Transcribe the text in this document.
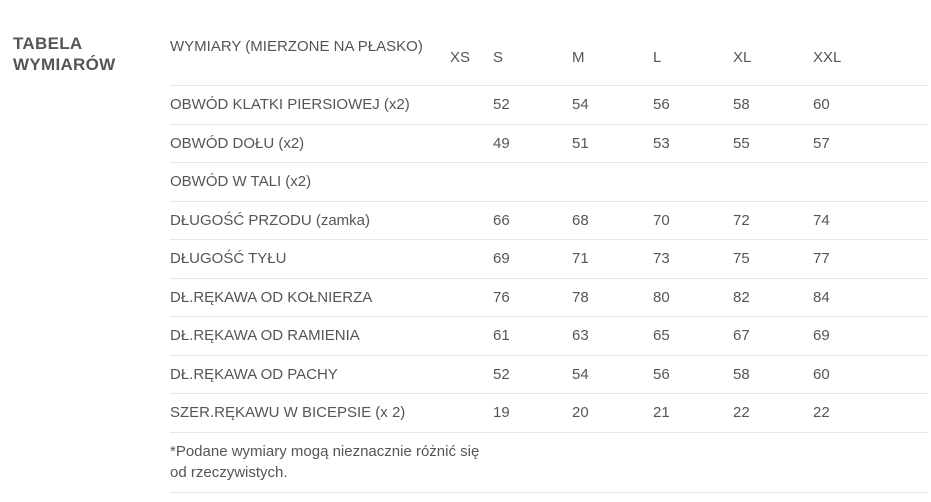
TABELA
WYMIARÓW
WYMIARY (MIERZONE NA PŁASKO)	XS	S	M	L	XL	XXL
OBWÓD KLATKI PIERSIOWEJ (x2)		52	54	56	58	60
OBWÓD DOŁU (x2)		49	51	53	55	57
OBWÓD W TALI (x2)						
DŁUGOŚĆ PRZODU (zamka)		66	68	70	72	74
DŁUGOŚĆ TYŁU		69	71	73	75	77
DŁ.RĘKAWA OD KOŁNIERZA		76	78	80	82	84
DŁ.RĘKAWA OD RAMIENIA		61	63	65	67	69
DŁ.RĘKAWA OD PACHY		52	54	56	58	60
SZER.RĘKAWU W BICEPSIE (x 2)		19	20	21	22	22
*Podane wymiary mogą nieznacznie różnić się od rzeczywistych.						
